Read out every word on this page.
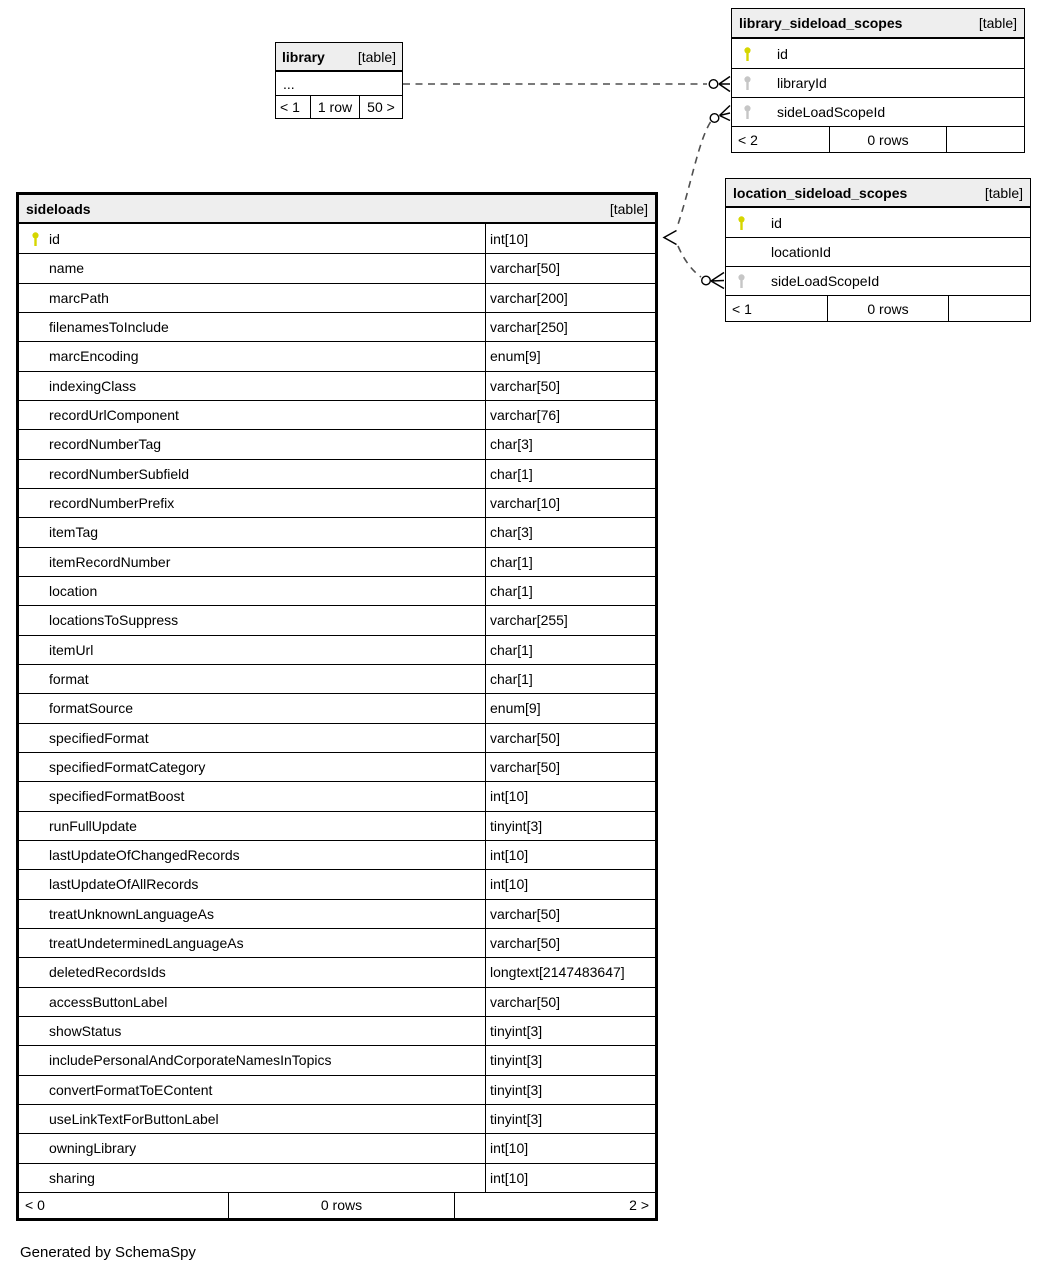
library [table]
...
< 1	1 row	50 >
library_sideload_scopes	[table]
id
libraryId
sideLoadScopeId
< 2	0 rows
location_sideload_scopes	[table]
id
locationId
sideLoadScopeId
< 1	0 rows
sideloads	[table]
id	int[10]
name	varchar[50]
marcPath	varchar[200]
filenamesToInclude	varchar[250]
marcEncoding	enum[9]
indexingClass	varchar[50]
recordUrlComponent	varchar[76]
recordNumberTag	char[3]
recordNumberSubfield	char[1]
recordNumberPrefix	varchar[10]
itemTag	char[3]
itemRecordNumber	char[1]
location	char[1]
locationsToSuppress	varchar[255]
itemUrl	char[1]
format	char[1]
formatSource	enum[9]
specifiedFormat	varchar[50]
specifiedFormatCategory	varchar[50]
specifiedFormatBoost	int[10]
runFullUpdate	tinyint[3]
lastUpdateOfChangedRecords	int[10]
lastUpdateOfAllRecords	int[10]
treatUnknownLanguageAs	varchar[50]
treatUndeterminedLanguageAs	varchar[50]
deletedRecordsIds	longtext[2147483647]
accessButtonLabel	varchar[50]
showStatus	tinyint[3]
includePersonalAndCorporateNamesInTopics	tinyint[3]
convertFormatToEContent	tinyint[3]
useLinkTextForButtonLabel	tinyint[3]
owningLibrary	int[10]
sharing	int[10]
< 0	0 rows	2 >
Generated by SchemaSpy
